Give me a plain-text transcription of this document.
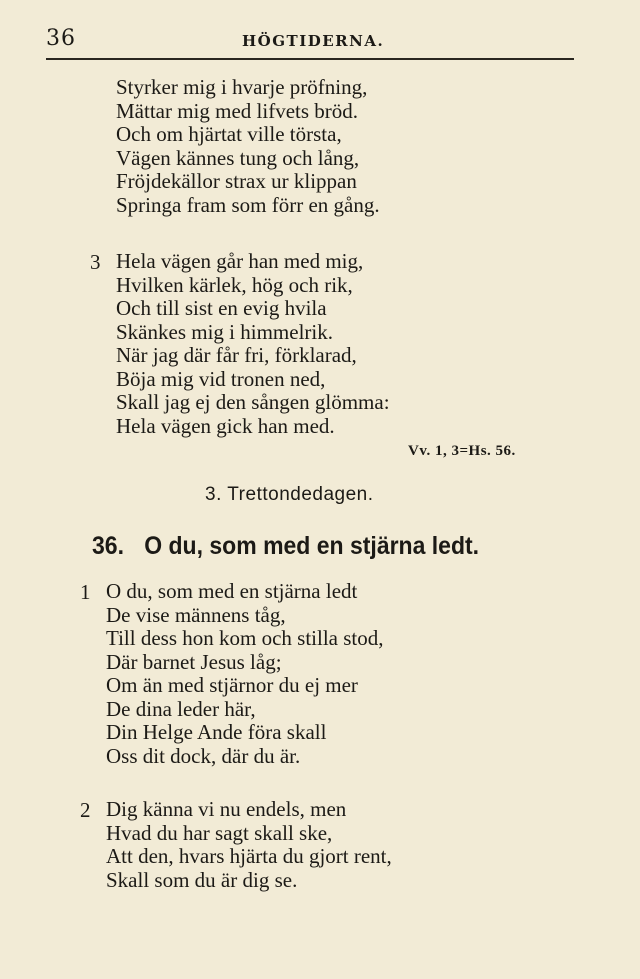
36	HÖGTIDERNA.
Styrker mig i hvarje pröfning,
Mättar mig med lifvets bröd.
Och om hjärtat ville törsta,
Vägen kännes tung och lång,
Fröjdekällor strax ur klippan
Springa fram som förr en gång.
3 Hela vägen går han med mig,
Hvilken kärlek, hög och rik,
Och till sist en evig hvila
Skänkes mig i himmelrik.
När jag där får fri, förklarad,
Böja mig vid tronen ned,
Skall jag ej den sången glömma:
Hela vägen gick han med.
Vv. 1, 3=Hs. 56.
3. Trettondedagen.
36. O du, som med en stjärna ledt.
1 O du, som med en stjärna ledt
De vise männens tåg,
Till dess hon kom och stilla stod,
Där barnet Jesus låg;
Om än med stjärnor du ej mer
De dina leder här,
Din Helge Ande föra skall
Oss dit dock, där du är.
2 Dig känna vi nu endels, men
Hvad du har sagt skall ske,
Att den, hvars hjärta du gjort rent,
Skall som du är dig se.
